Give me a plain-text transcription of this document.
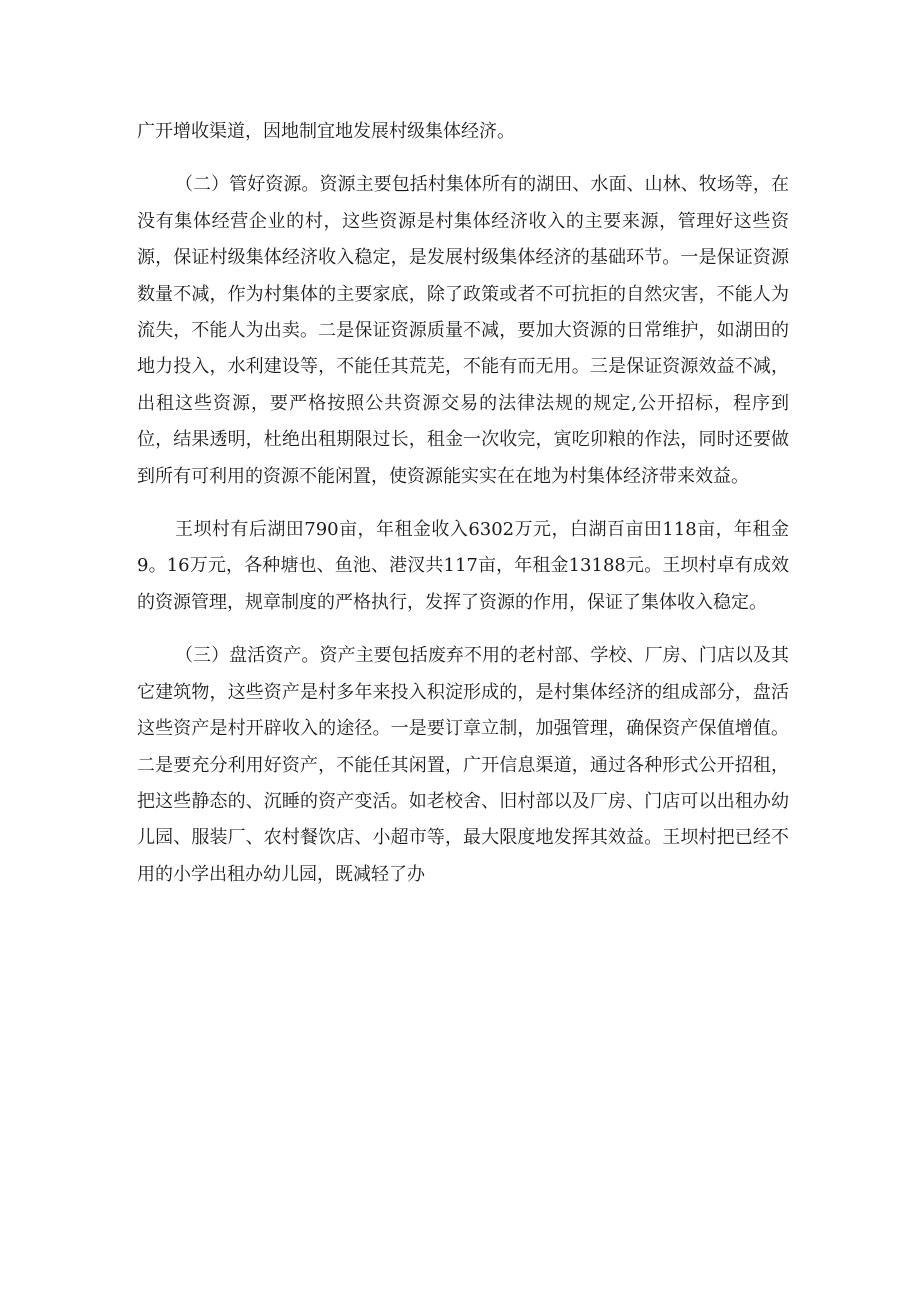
广开增收渠道，因地制宜地发展村级集体经济。

（二）管好资源。资源主要包括村集体所有的湖田、水面、山林、牧场等，在没有集体经营企业的村，这些资源是村集体经济收入的主要来源，管理好这些资源，保证村级集体经济收入稳定，是发展村级集体经济的基础环节。一是保证资源数量不减，作为村集体的主要家底，除了政策或者不可抗拒的自然灾害，不能人为流失，不能人为出卖。二是保证资源质量不减，要加大资源的日常维护，如湖田的地力投入，水利建设等，不能任其荒芜，不能有而无用。三是保证资源效益不减，出租这些资源，要严格按照公共资源交易的法律法规的规定,公开招标，程序到位，结果透明，杜绝出租期限过长，租金一次收完，寅吃卯粮的作法，同时还要做到所有可利用的资源不能闲置，使资源能实实在在地为村集体经济带来效益。

王坝村有后湖田790亩，年租金收入6302万元，白湖百亩田118亩，年租金9。16万元，各种塘也、鱼池、港汊共117亩，年租金13188元。王坝村卓有成效的资源管理，规章制度的严格执行，发挥了资源的作用，保证了集体收入稳定。

（三）盘活资产。资产主要包括废弃不用的老村部、学校、厂房、门店以及其它建筑物，这些资产是村多年来投入积淀形成的，是村集体经济的组成部分，盘活这些资产是村开辟收入的途径。一是要订章立制，加强管理，确保资产保值增值。二是要充分利用好资产，不能任其闲置，广开信息渠道，通过各种形式公开招租，把这些静态的、沉睡的资产变活。如老校舍、旧村部以及厂房、门店可以出租办幼儿园、服装厂、农村餐饮店、小超市等，最大限度地发挥其效益。王坝村把已经不用的小学出租办幼儿园，既减轻了办
